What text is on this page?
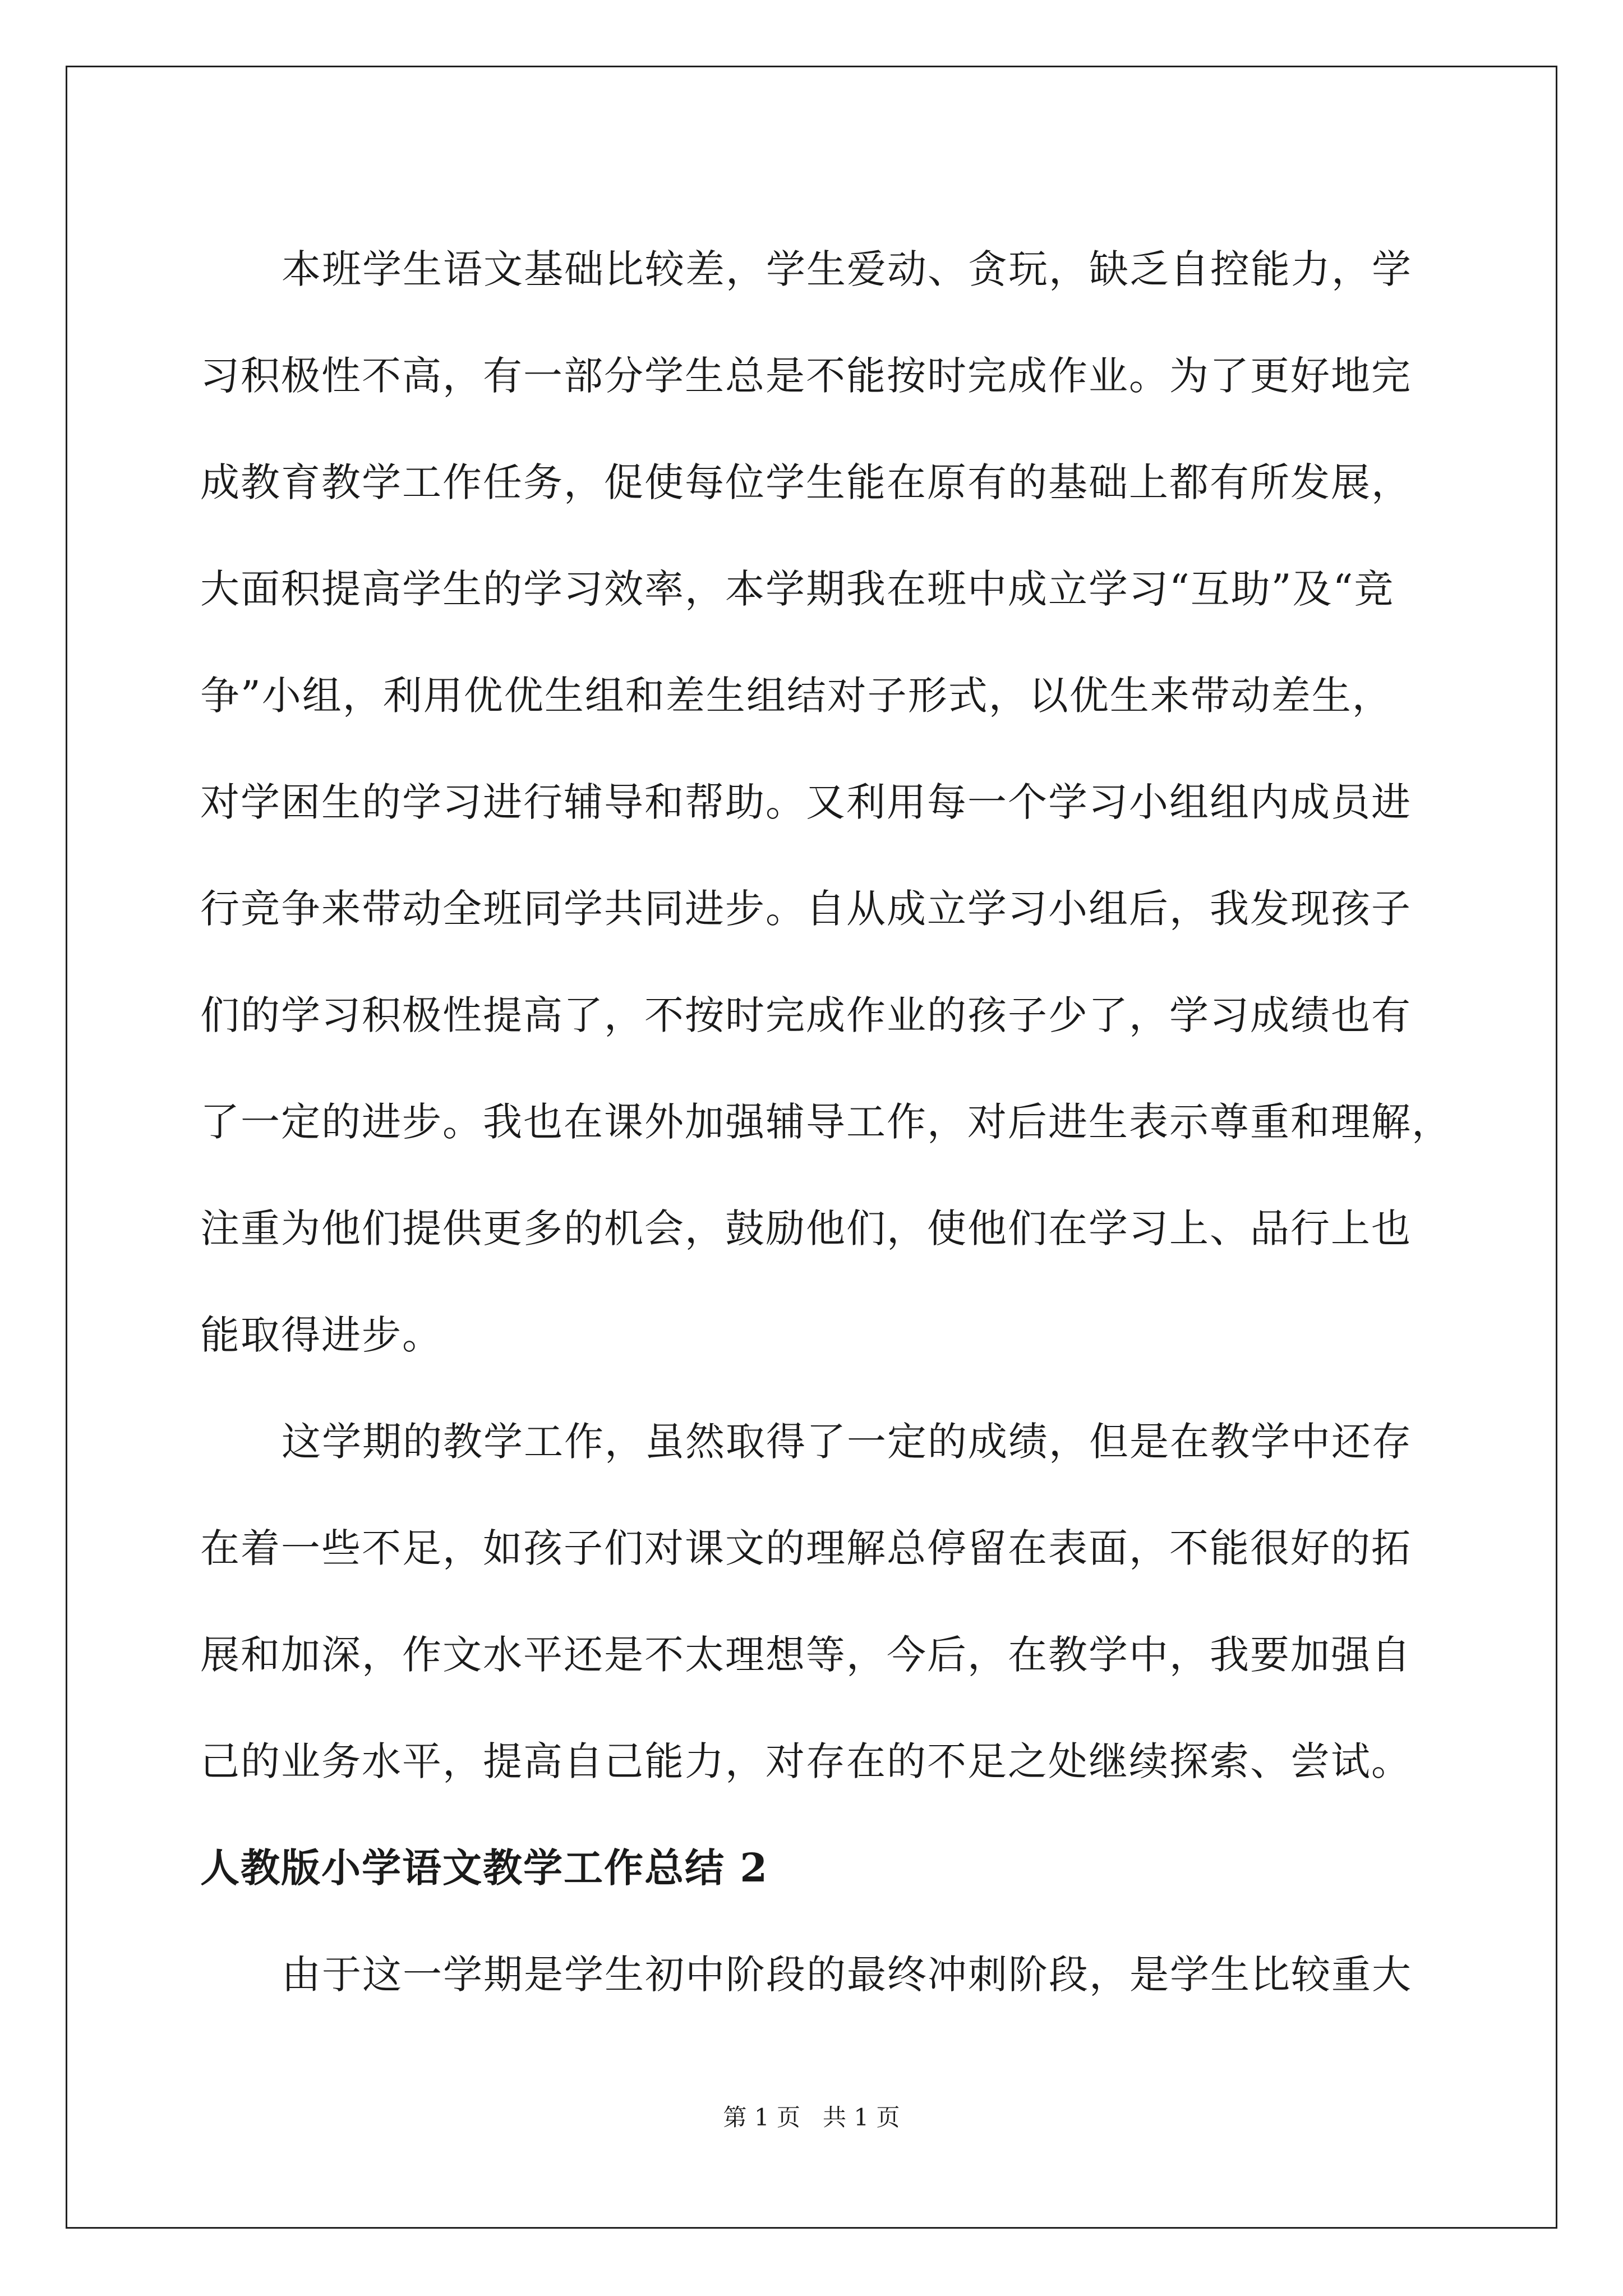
本班学生语文基础比较差，学生爱动、贪玩，缺乏自控能力，学
习积极性不高，有一部分学生总是不能按时完成作业。为了更好地完
成教育教学工作任务，促使每位学生能在原有的基础上都有所发展，
大面积提高学生的学习效率，本学期我在班中成立学习“互助”及“竞
争”小组，利用优优生组和差生组结对子形式，以优生来带动差生，
对学困生的学习进行辅导和帮助。又利用每一个学习小组组内成员进
行竞争来带动全班同学共同进步。自从成立学习小组后，我发现孩子
们的学习积极性提高了，不按时完成作业的孩子少了，学习成绩也有
了一定的进步。我也在课外加强辅导工作，对后进生表示尊重和理解，
注重为他们提供更多的机会，鼓励他们，使他们在学习上、品行上也
能取得进步。

这学期的教学工作，虽然取得了一定的成绩，但是在教学中还存
在着一些不足，如孩子们对课文的理解总停留在表面，不能很好的拓
展和加深，作文水平还是不太理想等，今后，在教学中，我要加强自
己的业务水平，提高自己能力，对存在的不足之处继续探索、尝试。

人教版小学语文教学工作总结 2

由于这一学期是学生初中阶段的最终冲刺阶段，是学生比较重大

第 1 页 共 1 页
